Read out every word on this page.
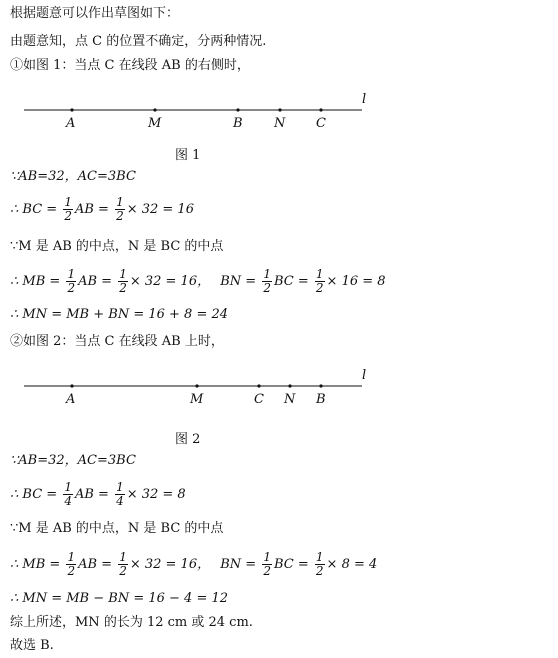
根据题意可以作出草图如下：
由题意知，点 C 的位置不确定，分两种情况.
①如图 1：当点 C 在线段 AB 的右侧时，
l
A	M	B N C
图 1
∵AB=32，AC=3BC
∴ BC = $\frac{1}{2}$ AB = $\frac{1}{2} \times 32 = 16$
∵M 是 AB 的中点，N 是 BC 的中点
∴ MB = $\frac{1}{2}$ AB = $\frac{1}{2} \times 32 = 16$， BN = $\frac{1}{2}$ BC = $\frac{1}{2} \times 16 = 8$
∴ MN = MB + BN = 16 + 8 = 24
②如图 2：当点 C 在线段 AB 上时，
l
A	M	C N B
图 2
∵AB=32，AC=3BC
∴ BC = $\frac{1}{4}$ AB = $\frac{1}{4} \times 32 = 8$
∵M 是 AB 的中点，N 是 BC 的中点
∴ MB = $\frac{1}{2}$ AB = $\frac{1}{2} \times 32 = 16$， BN = $\frac{1}{2}$ BC = $\frac{1}{2} \times 8 = 4$
∴ MN = MB − BN = 16 − 4 = 12
综上所述，MN 的长为 12 cm 或 24 cm.
故选 B.
